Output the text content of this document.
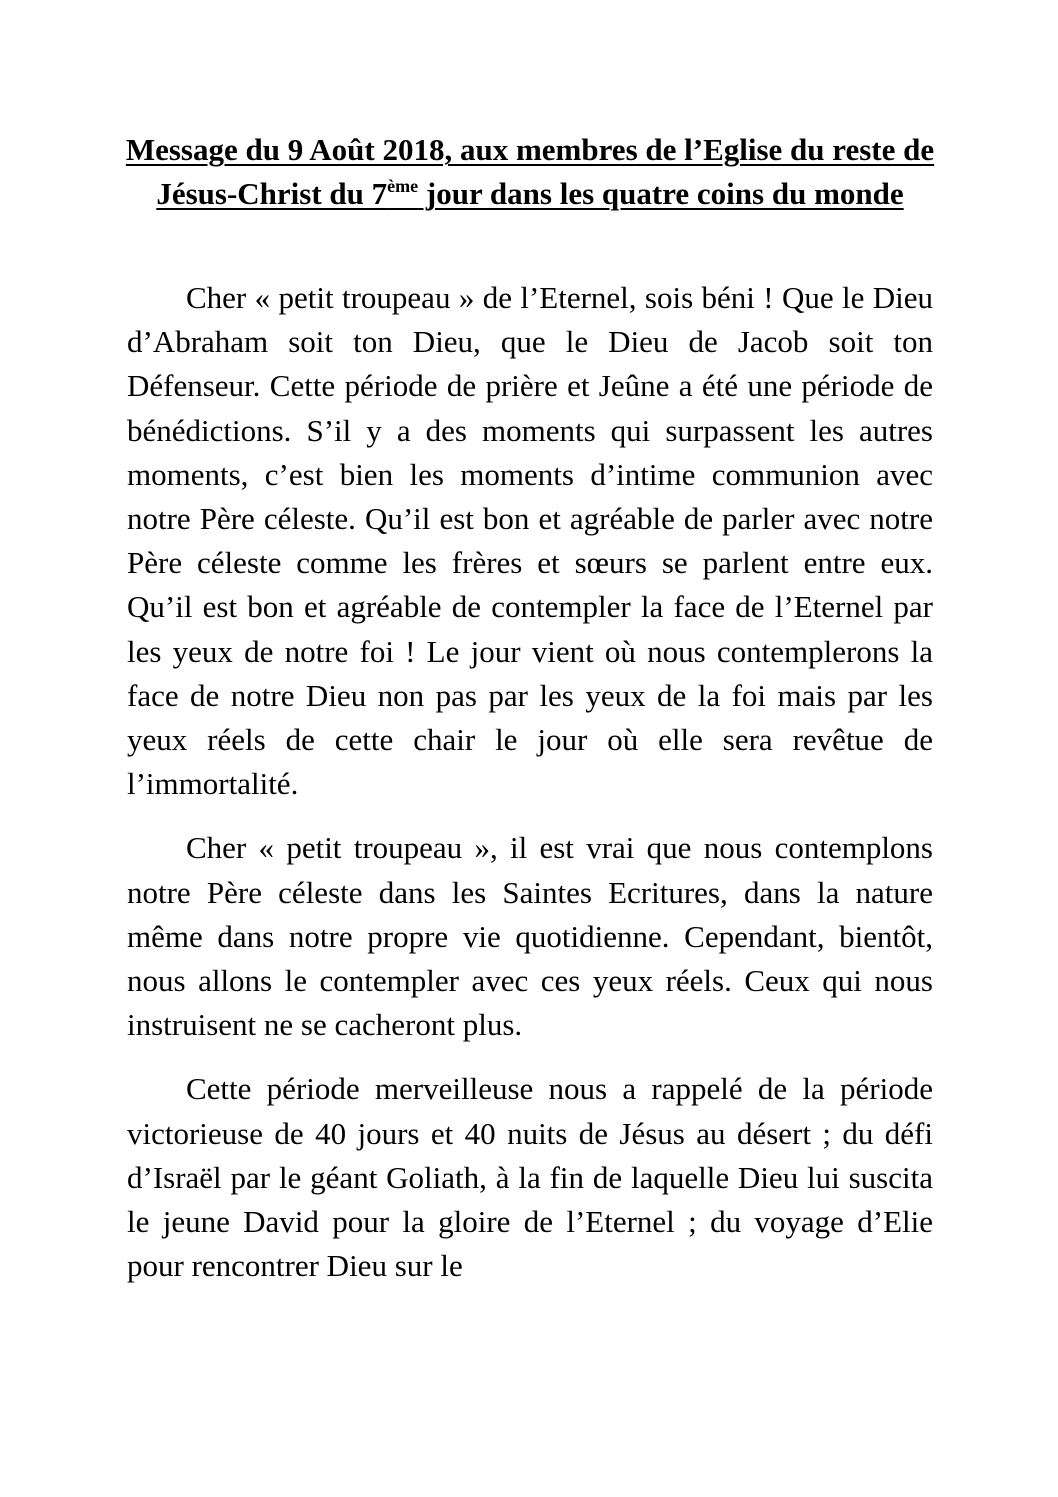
Message du 9 Août 2018, aux membres de l’Eglise du reste de Jésus-Christ du 7ème jour dans les quatre coins du monde

Cher « petit troupeau » de l’Eternel, sois béni ! Que le Dieu d’Abraham soit ton Dieu, que le Dieu de Jacob soit ton Défenseur. Cette période de prière et Jeûne a été une période de bénédictions. S’il y a des moments qui surpassent les autres moments, c’est bien les moments d’intime communion avec notre Père céleste. Qu’il est bon et agréable de parler avec notre Père céleste comme les frères et sœurs se parlent entre eux. Qu’il est bon et agréable de contempler la face de l’Eternel par les yeux de notre foi ! Le jour vient où nous contemplerons la face de notre Dieu non pas par les yeux de la foi mais par les yeux réels de cette chair le jour où elle sera revêtue de l’immortalité.

Cher « petit troupeau », il est vrai que nous contemplons notre Père céleste dans les Saintes Ecritures, dans la nature même dans notre propre vie quotidienne. Cependant, bientôt, nous allons le contempler avec ces yeux réels. Ceux qui nous instruisent ne se cacheront plus.

Cette période merveilleuse nous a rappelé de la période victorieuse de 40 jours et 40 nuits de Jésus au désert ; du défi d’Israël par le géant Goliath, à la fin de laquelle Dieu lui suscita le jeune David pour la gloire de l’Eternel ; du voyage d’Elie pour rencontrer Dieu sur le
